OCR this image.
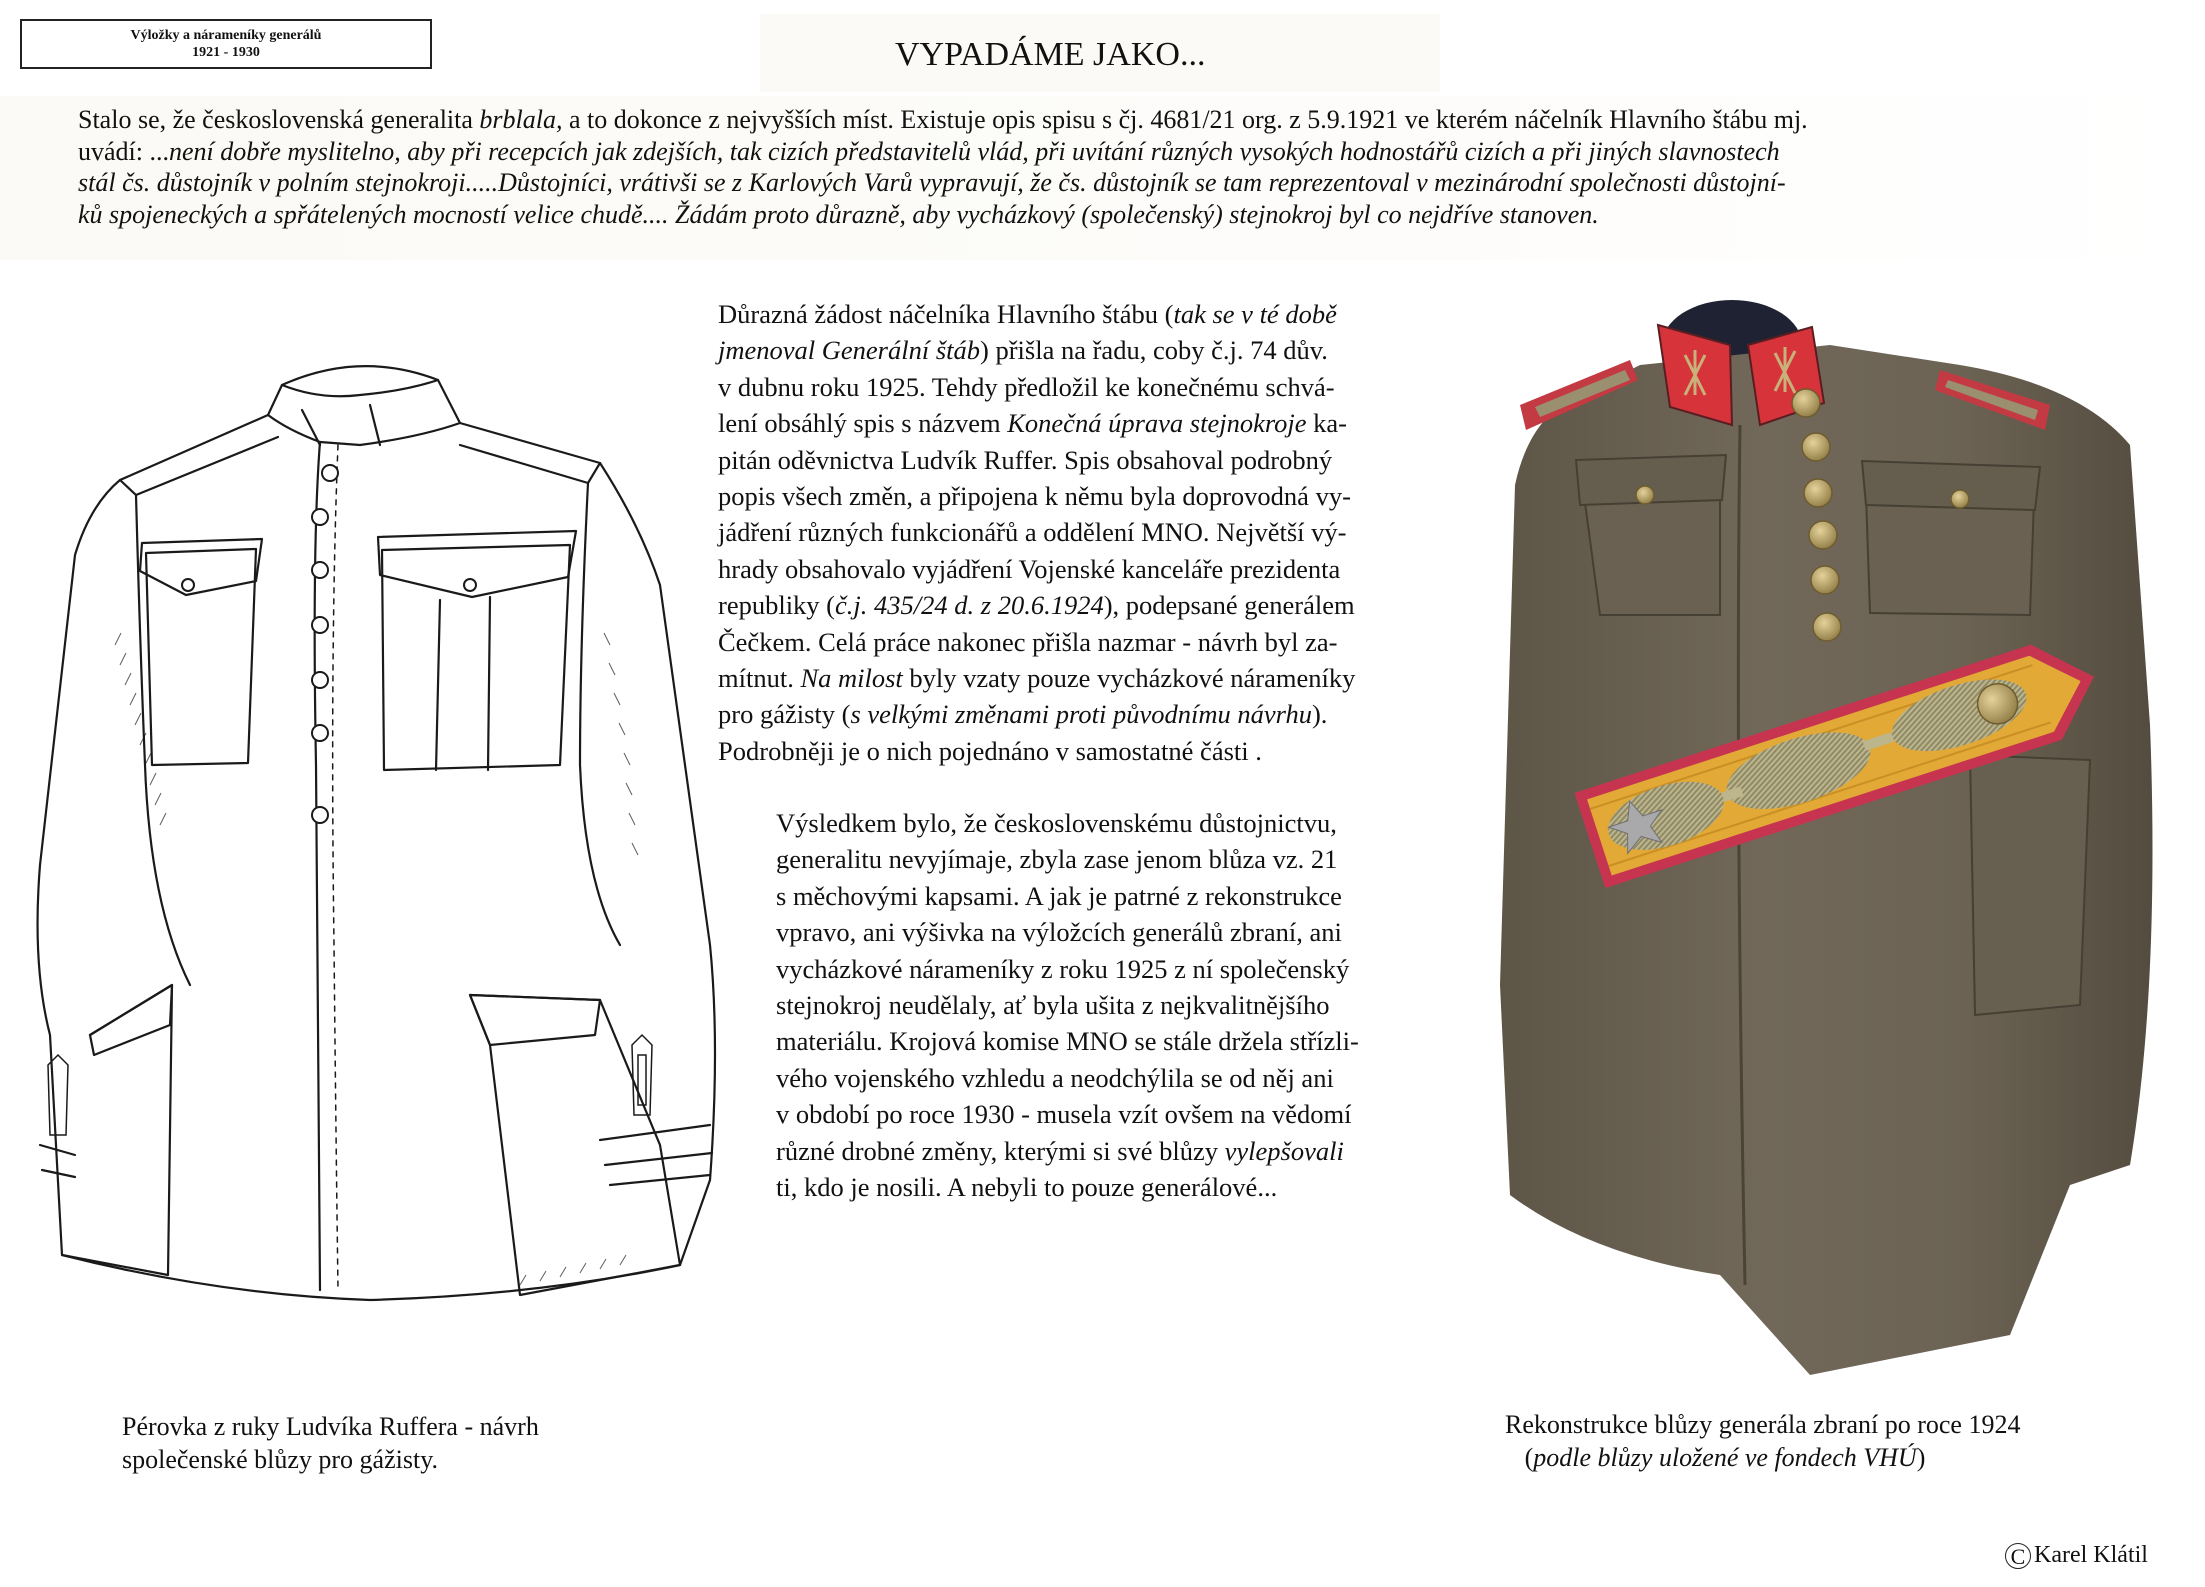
Výložky a nárameníky generálů
1921 - 1930	VYPADÁME JAKO...

Stalo se, že československá generalita brblala, a to dokonce z nejvyšších míst. Existuje opis spisu s čj. 4681/21 org. z 5.9.1921 ve kterém náčelník Hlavního štábu mj.

uvádí: ...není dobře myslitelno, aby při recepcích jak zdejších, tak cizích představitelů vlád, při uvítání různých vysokých hodnostářů cizích a při jiných slavnostech

stál čs. důstojník v polním stejnokroji.....Důstojníci, vrátivši se z Karlových Varů vypravují, že čs. důstojník se tam reprezentoval v mezinárodní společnosti důstojní-

ků spojeneckých a spřátelených mocností velice chudě.... Žádám proto důrazně, aby vycházkový (společenský) stejnokroj byl co nejdříve stanoven.

Důrazná žádost náčelníka Hlavního štábu (tak se v té době

jmenoval Generální štáb) přišla na řadu, coby č.j. 74 dův.

v dubnu roku 1925. Tehdy předložil ke konečnému schvá-

lení obsáhlý spis s názvem Konečná úprava stejnokroje ka-

pitán oděvnictva Ludvík Ruffer. Spis obsahoval podrobný

popis všech změn, a připojena k němu byla doprovodná vy-

jádření různých funkcionářů a oddělení MNO. Největší vý-

hrady obsahovalo vyjádření Vojenské kanceláře prezidenta

republiky (č.j. 435/24 d. z 20.6.1924), podepsané generálem

Čečkem. Celá práce nakonec přišla nazmar - návrh byl za-

mítnut. Na milost byly vzaty pouze vycházkové nárameníky

pro gážisty (s velkými změnami proti původnímu návrhu).

Podrobněji je o nich pojednáno v samostatné části .

Výsledkem bylo, že československému důstojnictvu,

generalitu nevyjímaje, zbyla zase jenom blůza vz. 21

s měchovými kapsami. A jak je patrné z rekonstrukce

vpravo, ani výšivka na výložcích generálů zbraní, ani

vycházkové nárameníky z roku 1925 z ní společenský

stejnokroj neudělaly, ať byla ušita z nejkvalitnějšího

materiálu. Krojová komise MNO se stále držela střízli-

vého vojenského vzhledu a neodchýlila se od něj ani

v období po roce 1930 - musela vzít ovšem na vědomí

různé drobné změny, kterými si své blůzy vylepšovali

ti, kdo je nosili. A nebyli to pouze generálové...

Pérovka z ruky Ludvíka Ruffera - návrh

společenské blůzy pro gážisty.

Rekonstrukce blůzy generála zbraní po roce 1924

(podle blůzy uložené ve fondech VHÚ)

C Karel Klátil
